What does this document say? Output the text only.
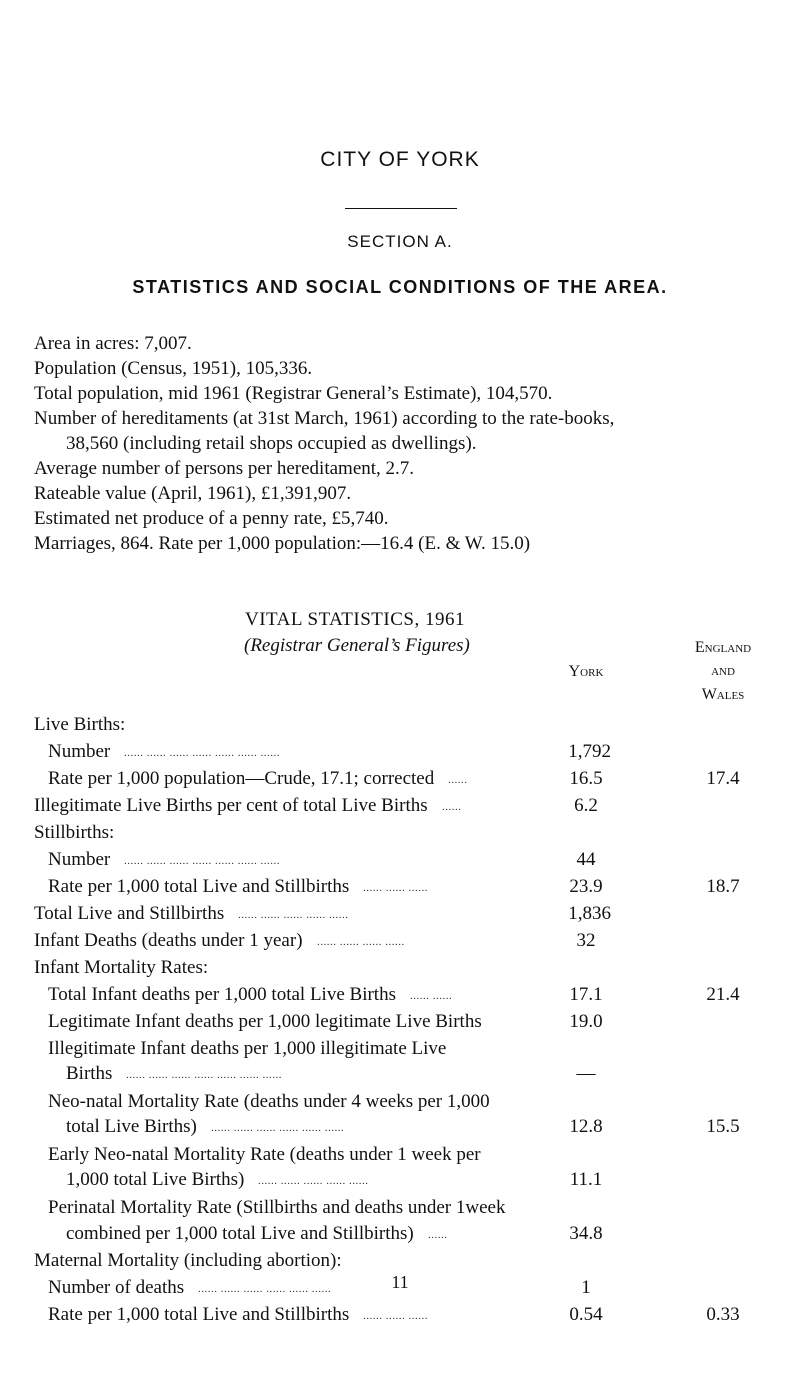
CITY OF YORK
SECTION A.
STATISTICS AND SOCIAL CONDITIONS OF THE AREA.
Area in acres: 7,007.
Population (Census, 1951), 105,336.
Total population, mid 1961 (Registrar General’s Estimate), 104,570.
Number of hereditaments (at 31st March, 1961) according to the rate-books,
38,560 (including retail shops occupied as dwellings).
Average number of persons per hereditament, 2.7.
Rateable value (April, 1961), £1,391,907.
Estimated net produce of a penny rate, £5,740.
Marriages, 864. Rate per 1,000 population:—16.4 (E. & W. 15.0)
VITAL STATISTICS, 1961
(Registrar General’s Figures)
York
England
and
Wales
Live Births:
Number ...... ...... ...... ...... ...... ...... ......	1,792
Rate per 1,000 population—Crude, 17.1; corrected ......	16.5	17.4
Illegitimate Live Births per cent of total Live Births ......	6.2
Stillbirths:
Number ...... ...... ...... ...... ...... ...... ......	44
Rate per 1,000 total Live and Stillbirths ...... ...... ......	23.9	18.7
Total Live and Stillbirths ...... ...... ...... ...... ......	1,836
Infant Deaths (deaths under 1 year) ...... ...... ...... ......	32
Infant Mortality Rates:
Total Infant deaths per 1,000 total Live Births ...... ......	17.1	21.4
Legitimate Infant deaths per 1,000 legitimate Live Births	19.0
Illegitimate Infant deaths per 1,000 illegitimate Live
Births ...... ...... ...... ...... ...... ...... ......	—
Neo-natal Mortality Rate (deaths under 4 weeks per 1,000
total Live Births) ...... ...... ...... ...... ...... ......	12.8	15.5
Early Neo-natal Mortality Rate (deaths under 1 week per
1,000 total Live Births) ...... ...... ...... ...... ......	11.1
Perinatal Mortality Rate (Stillbirths and deaths under 1week
combined per 1,000 total Live and Stillbirths) ......	34.8
Maternal Mortality (including abortion):
Number of deaths ...... ...... ...... ...... ...... ......	1
Rate per 1,000 total Live and Stillbirths ...... ...... ......	0.54	0.33
11
